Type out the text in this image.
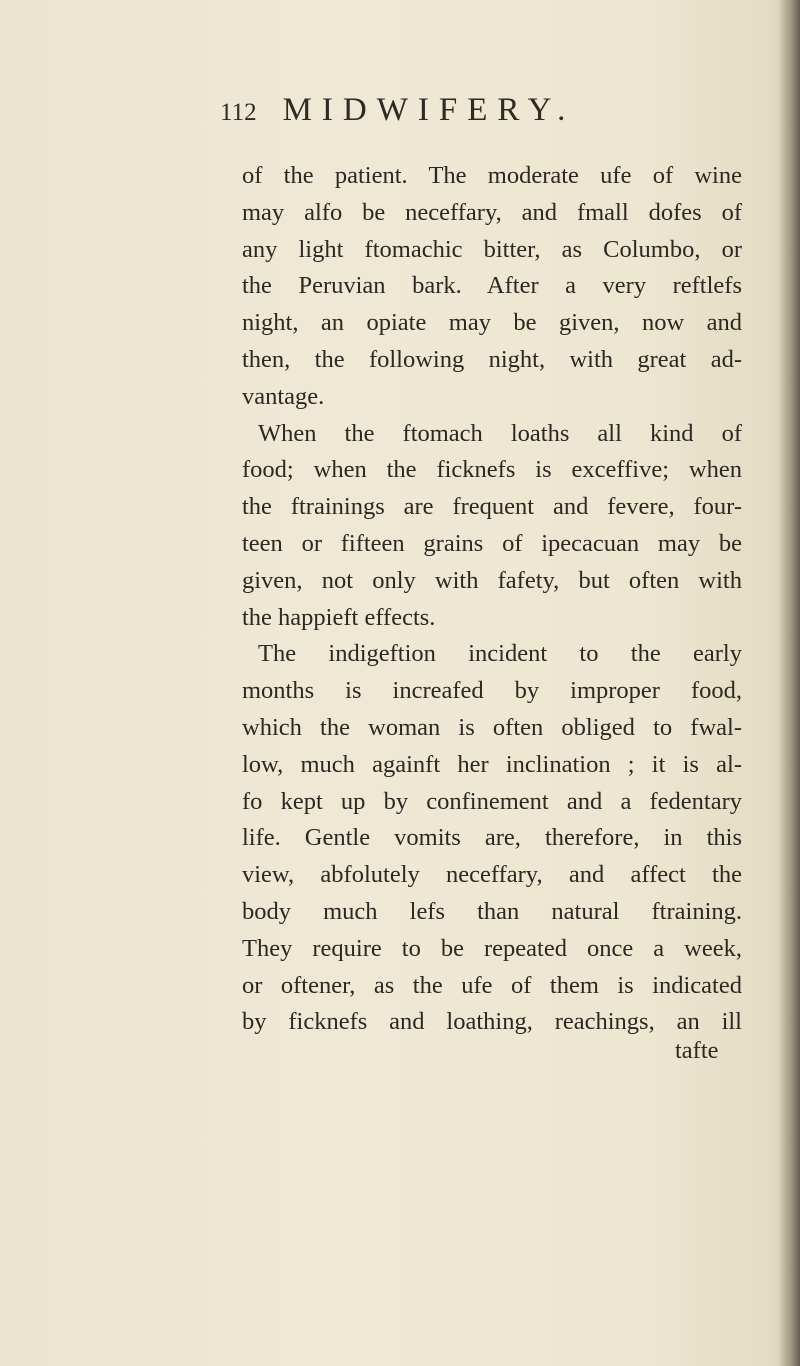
112 MIDWIFERY.
of the patient. The moderate ufe of wine
may alfo be neceffary, and fmall dofes of
any light ftomachic bitter, as Columbo, or
the Peruvian bark. After a very reftlefs
night, an opiate may be given, now and
then, the following night, with great ad-
vantage.
When the ftomach loaths all kind of
food; when the ficknefs is exceffive; when
the ftrainings are frequent and fevere, four-
teen or fifteen grains of ipecacuan may be
given, not only with fafety, but often with
the happieft effects.
The indigeftion incident to the early
months is increafed by improper food,
which the woman is often obliged to fwal-
low, much againft her inclination ; it is al-
fo kept up by confinement and a fedentary
life. Gentle vomits are, therefore, in this
view, abfolutely neceffary, and affect the
body much lefs than natural ftraining.
They require to be repeated once a week,
or oftener, as the ufe of them is indicated
by ficknefs and loathing, reachings, an ill
tafte
